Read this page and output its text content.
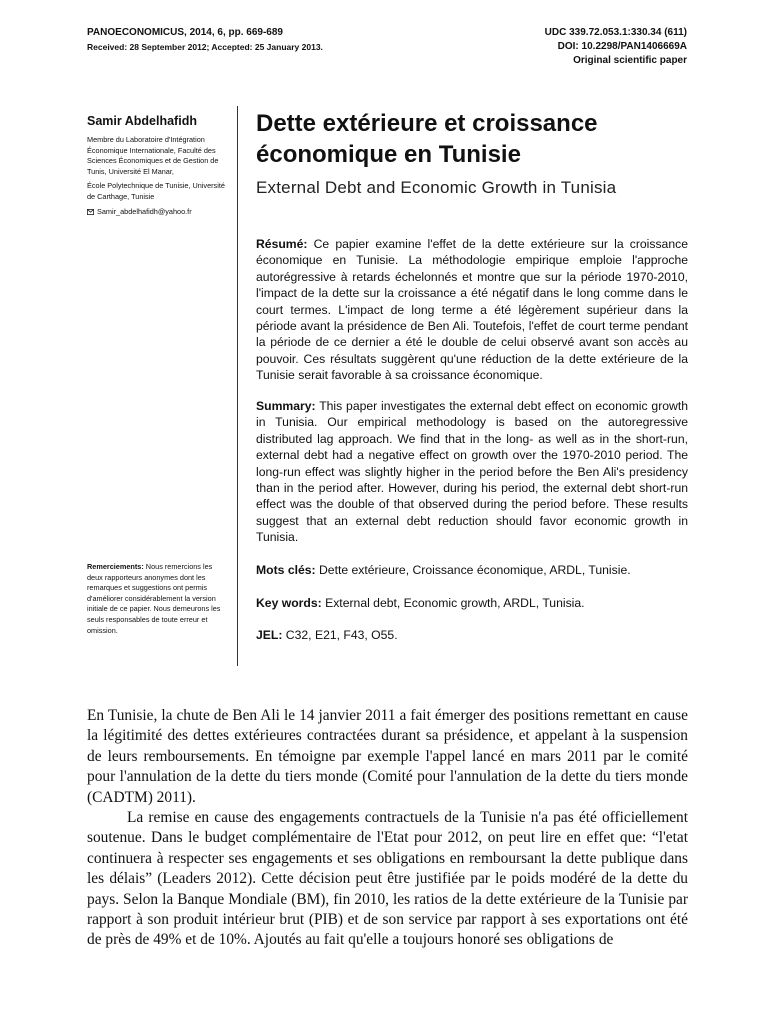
PANOECONOMICUS, 2014, 6, pp. 669-689
Received: 28 September 2012; Accepted: 25 January 2013.
UDC 339.72.053.1:330.34 (611)
DOI: 10.2298/PAN1406669A
Original scientific paper
Samir Abdelhafidh
Membre du Laboratoire d'Intégration Économique Internationale, Faculté des Sciences Économiques et de Gestion de Tunis, Université El Manar,
École Polytechnique de Tunisie, Université de Carthage, Tunisie
Samir_abdelhafidh@yahoo.fr
Remerciements: Nous remercions les deux rapporteurs anonymes dont les remarques et suggestions ont permis d'améliorer considérablement la version initiale de ce papier. Nous demeurons les seuls responsables de toute erreur et omission.
Dette extérieure et croissance économique en Tunisie
External Debt and Economic Growth in Tunisia
Résumé: Ce papier examine l'effet de la dette extérieure sur la croissance économique en Tunisie. La méthodologie empirique emploie l'approche autorégressive à retards échelonnés et montre que sur la période 1970-2010, l'impact de la dette sur la croissance a été négatif dans le long comme dans le court termes. L'impact de long terme a été légèrement supérieur dans la période avant la présidence de Ben Ali. Toutefois, l'effet de court terme pendant la période de ce dernier a été le double de celui observé avant son accès au pouvoir. Ces résultats suggèrent qu'une réduction de la dette extérieure de la Tunisie serait favorable à sa croissance économique.
Summary: This paper investigates the external debt effect on economic growth in Tunisia. Our empirical methodology is based on the autoregressive distributed lag approach. We find that in the long- as well as in the short-run, external debt had a negative effect on growth over the 1970-2010 period. The long-run effect was slightly higher in the period before the Ben Ali's presidency than in the period after. However, during his period, the external debt short-run effect was the double of that observed during the period before. These results suggest that an external debt reduction should favor economic growth in Tunisia.
Mots clés: Dette extérieure, Croissance économique, ARDL, Tunisie.
Key words: External debt, Economic growth, ARDL, Tunisia.
JEL: C32, E21, F43, O55.

En Tunisie, la chute de Ben Ali le 14 janvier 2011 a fait émerger des positions remettant en cause la légitimité des dettes extérieures contractées durant sa présidence, et appelant à la suspension de leurs remboursements. En témoigne par exemple l'appel lancé en mars 2011 par le comité pour l'annulation de la dette du tiers monde (Comité pour l'annulation de la dette du tiers monde (CADTM) 2011).

La remise en cause des engagements contractuels de la Tunisie n'a pas été officiellement soutenue. Dans le budget complémentaire de l'Etat pour 2012, on peut lire en effet que: “l'etat continuera à respecter ses engagements et ses obligations en remboursant la dette publique dans les délais” (Leaders 2012). Cette décision peut être justifiée par le poids modéré de la dette du pays. Selon la Banque Mondiale (BM), fin 2010, les ratios de la dette extérieure de la Tunisie par rapport à son produit intérieur brut (PIB) et de son service par rapport à ses exportations ont été de près de 49% et de 10%. Ajoutés au fait qu'elle a toujours honoré ses obligations de
